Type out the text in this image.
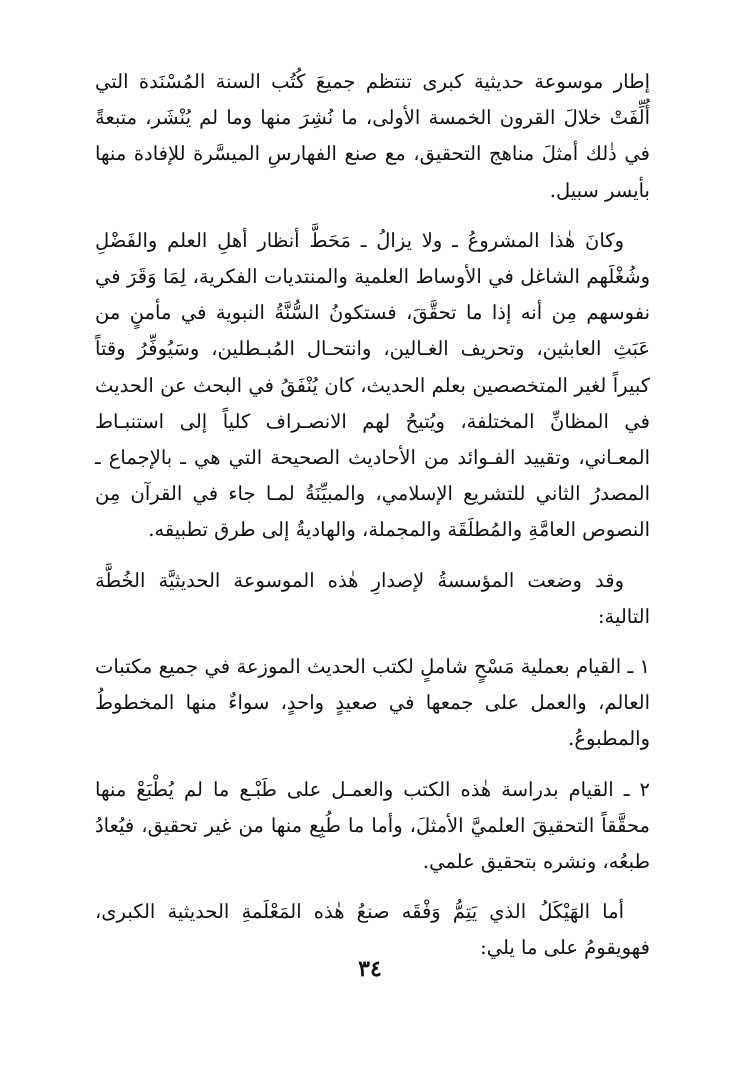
إطار موسوعة حديثية كبرى تنتظم جميعَ كُتُب السنة المُسْنَدة التي أُلِّفَتْ خلالَ القرون الخمسة الأولى، ما نُشِرَ منها وما لم يُنْشَر، متبعةً في ذٰلك أمثلَ مناهج التحقيق، مع صنع الفهارسِ الميسَّرة للإفادة منها بأيسر سبيل.

وكانَ هٰذا المشروعُ ـ ولا يزالُ ـ مَحَطَّ أنظار أهلِ العلم والفَضْلِ وشُغْلَهم الشاغل في الأوساط العلمية والمنتديات الفكرية، لِمَا وَقَرَ في نفوسهم مِن أنه إذا ما تحقَّقَ، فستكونُ السُّنَّةُ النبوية في مأمنٍ من عَبَثِ العابثين، وتحريف الغـالين، وانتحـال المُبـطلين، وسَيُوفِّرُ وقتاً كبيراً لغير المتخصصين بعلم الحديث، كان يُنْفَقُ في البحث عن الحديث في المظانِّ المختلفة، ويُتيحُ لهم الانصـراف كلياً إلى استنبـاط المعـاني، وتقييد الفـوائد من الأحاديث الصحيحة التي هي ـ بالإجماع ـ المصدرُ الثاني للتشريع الإسلامي، والمبيِّنَةُ لمـا جاء في القرآن مِن النصوص العامَّةِ والمُطلَقَة والمجملة، والهاديةُ إلى طرق تطبيقه.

وقد وضعت المؤسسةُ لإصدارِ هٰذه الموسوعة الحديثيَّة الخُطَّة التالية:

١ ـ القيام بعملية مَسْحٍ شاملٍ لكتب الحديث الموزعة في جميع مكتبات العالم، والعمل على جمعها في صعيدٍ واحدٍ، سواءٌ منها المخطوطُ والمطبوعُ.

٢ ـ القيام بدراسة هٰذه الكتب والعمـل على طَبْـع ما لم يُطْبَعْ منها محقَّقاً التحقيقَ العلميَّ الأمثلَ، وأما ما طُبِع منها من غير تحقيق، فيُعادُ طبعُه، ونشره بتحقيق علمي.

أما الهَيْكَلُ الذي يَتِمُّ وَفْقَه صنعُ هٰذه المَعْلَمةِ الحديثية الكبرى، فهويقومُ على ما يلي:

٣٤
